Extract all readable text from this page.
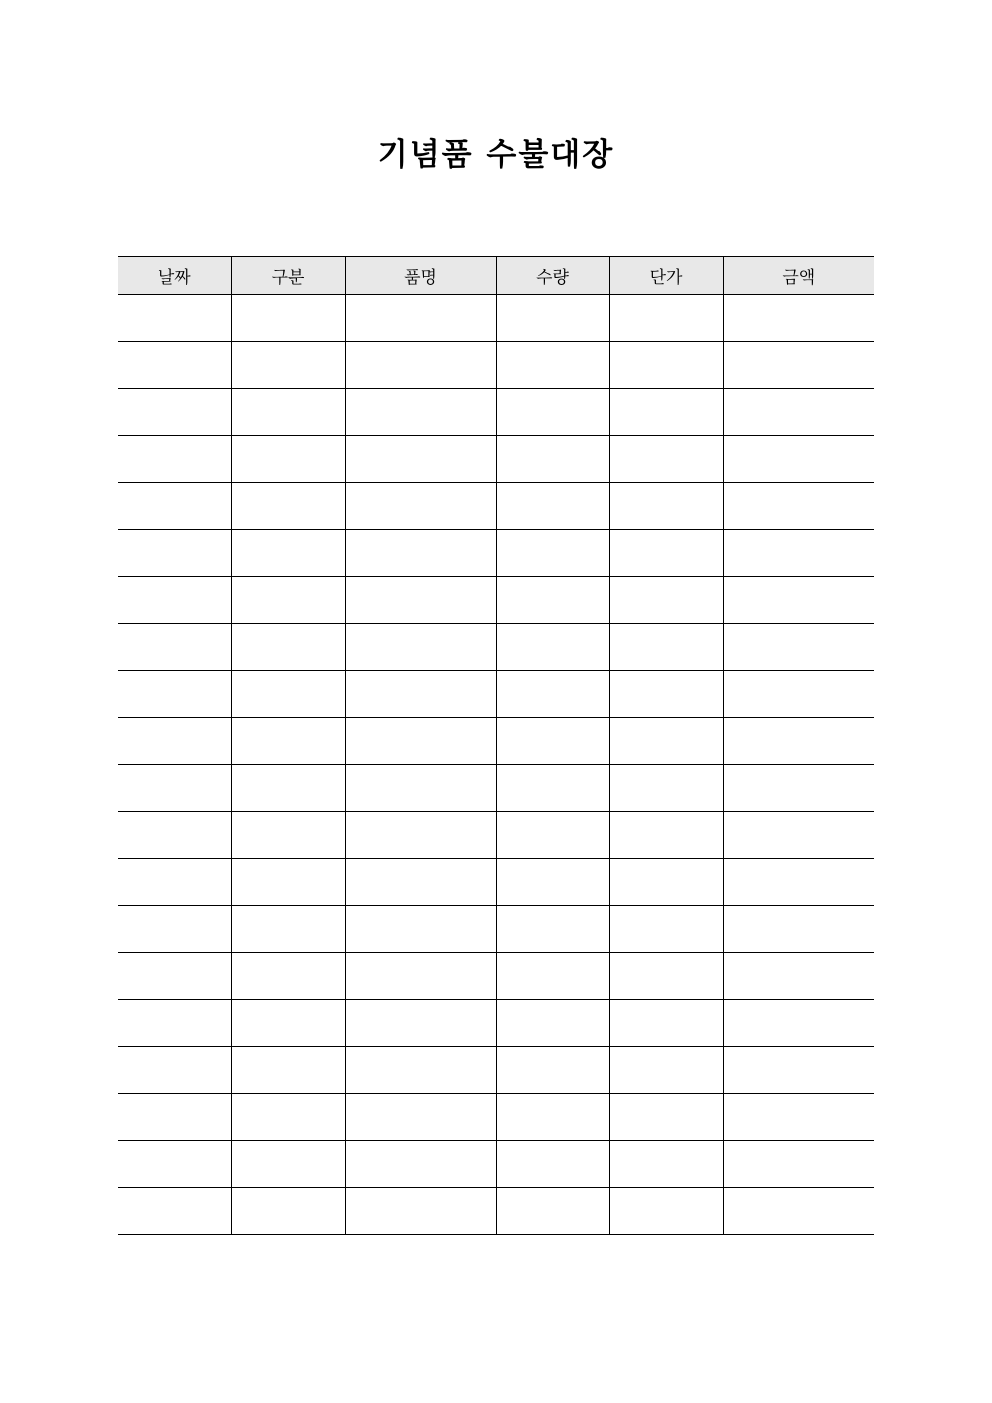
기념품 수불대장
날짜	구분	품명	수량	단가	금액
